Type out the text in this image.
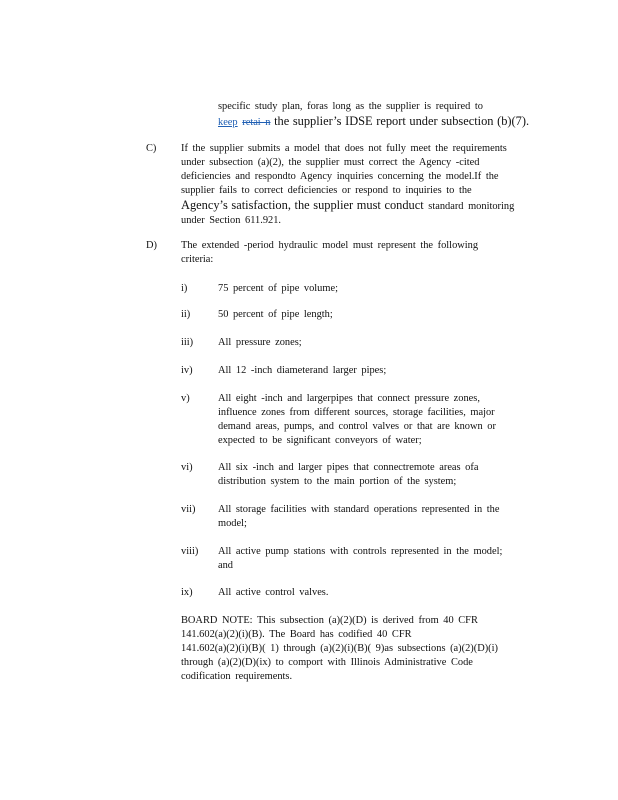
specific study plan, foras long as the supplier is required to
keep retai n the supplier’s IDSE report under subsection (b)(7).
C) If the supplier submits a model that does not fully meet the requirements
under subsection (a)(2), the supplier must correct the Agency -cited
deficiencies and respondto Agency inquiries concerning the model.If the
supplier fails to correct deficiencies or respond to inquiries to the
Agency’s satisfaction, the supplier must conduct standard monitoring
under Section 611.921.
D) The extended -period hydraulic model must represent the following
criteria:
i)	75 percent of pipe volume;
ii)	50 percent of pipe length;
iii) All pressure zones;
iv) All 12 -inch diameterand larger pipes;
v)	All eight -inch and largerpipes that connect pressure zones,
influence zones from different sources, storage facilities, major
demand areas, pumps, and control valves or that are known or
expected to be significant conveyors of water;
vi) All six -inch and larger pipes that connectremote areas ofa
distribution system to the main portion of the system;
vii) All storage facilities with standard operations represented in the
model;
viii) All active pump stations with controls represented in the model;
and
ix) All active control valves.
BOARD NOTE: This subsection (a)(2)(D) is derived from 40 CFR
141.602(a)(2)(i)(B). The Board has codified 40 CFR
141.602(a)(2)(i)(B)( 1) through (a)(2)(i)(B)( 9)as subsections (a)(2)(D)(i)
through (a)(2)(D)(ix) to comport with Illinois Administrative Code
codification requirements.
